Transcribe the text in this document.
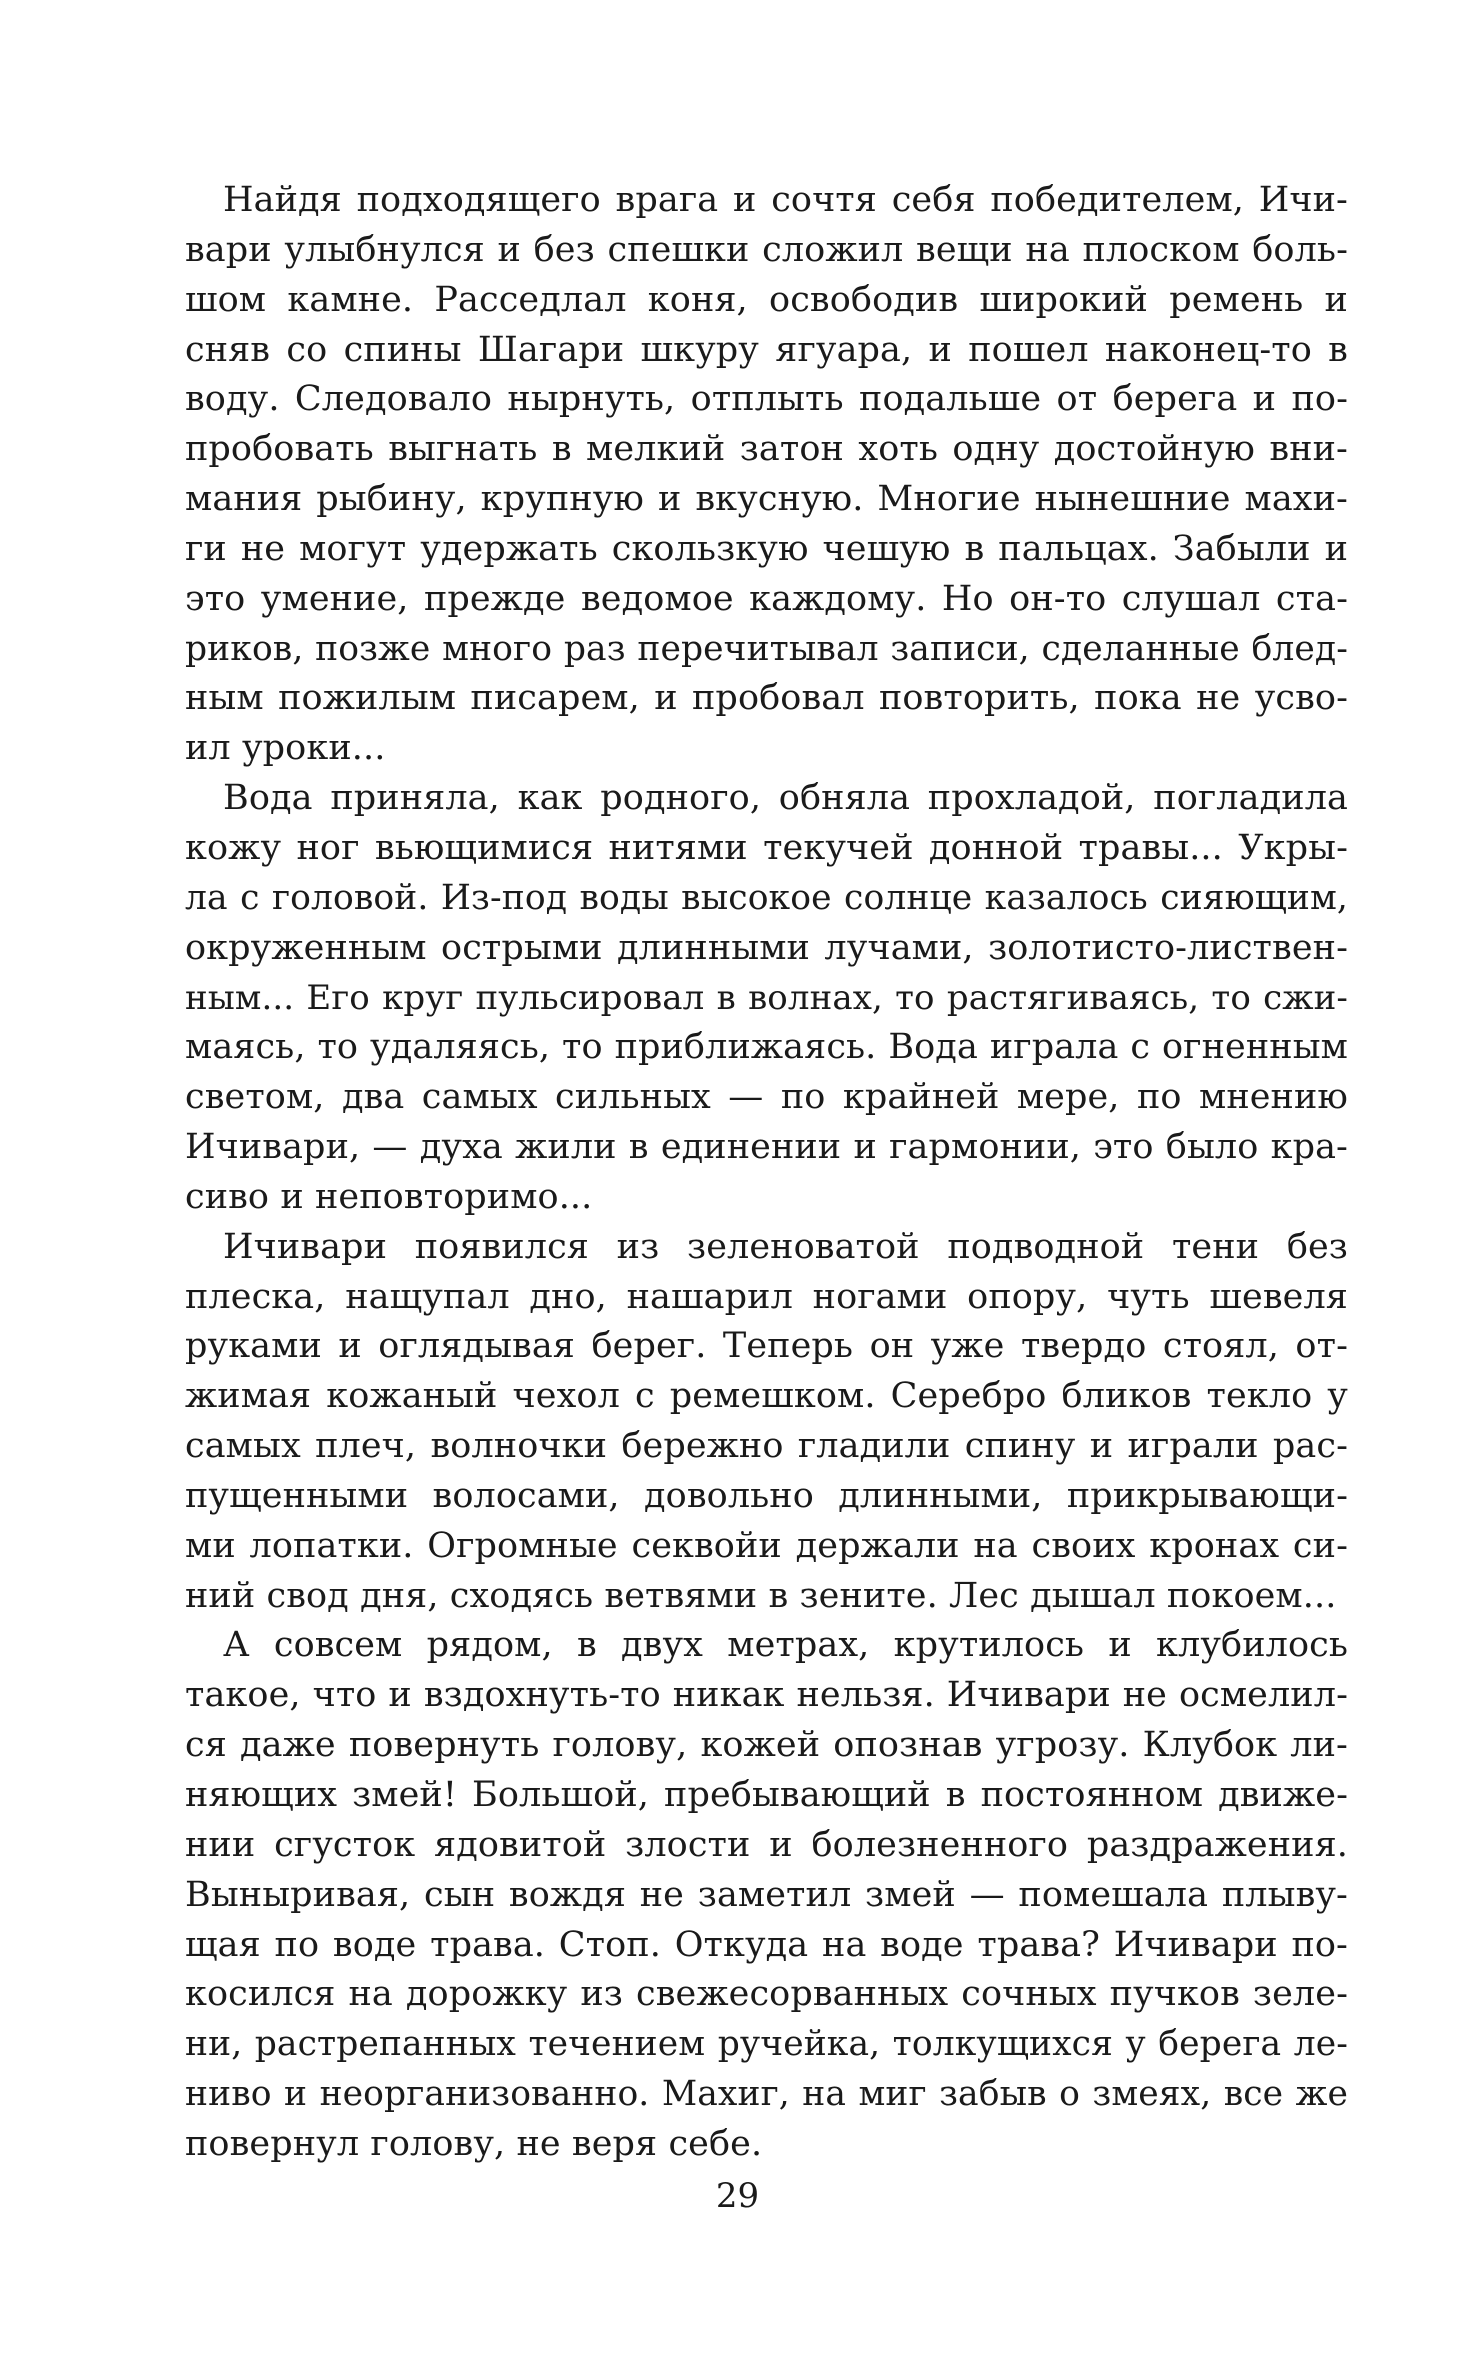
Найдя подходящего врага и сочтя себя победителем, Ичи-
вари улыбнулся и без спешки сложил вещи на плоском боль-
шом камне. Расседлал коня, освободив широкий ремень и
сняв со спины Шагари шкуру ягуара, и пошел наконец-то в
воду. Следовало нырнуть, отплыть подальше от берега и по-
пробовать выгнать в мелкий затон хоть одну достойную вни-
мания рыбину, крупную и вкусную. Многие нынешние махи-
ги не могут удержать скользкую чешую в пальцах. Забыли и
это умение, прежде ведомое каждому. Но он-то слушал ста-
риков, позже много раз перечитывал записи, сделанные блед-
ным пожилым писарем, и пробовал повторить, пока не усво-
ил уроки...
Вода приняла, как родного, обняла прохладой, погладила
кожу ног вьющимися нитями текучей донной травы... Укры-
ла с головой. Из-под воды высокое солнце казалось сияющим,
окруженным острыми длинными лучами, золотисто-листвен-
ным... Его круг пульсировал в волнах, то растягиваясь, то сжи-
маясь, то удаляясь, то приближаясь. Вода играла с огненным
светом, два самых сильных — по крайней мере, по мнению
Ичивари, — духа жили в единении и гармонии, это было кра-
сиво и неповторимо...
Ичивари появился из зеленоватой подводной тени без
плеска, нащупал дно, нашарил ногами опору, чуть шевеля
руками и оглядывая берег. Теперь он уже твердо стоял, от-
жимая кожаный чехол с ремешком. Серебро бликов текло у
самых плеч, волночки бережно гладили спину и играли рас-
пущенными волосами, довольно длинными, прикрывающи-
ми лопатки. Огромные секвойи держали на своих кронах си-
ний свод дня, сходясь ветвями в зените. Лес дышал покоем...
А совсем рядом, в двух метрах, крутилось и клубилось
такое, что и вздохнуть-то никак нельзя. Ичивари не осмелил-
ся даже повернуть голову, кожей опознав угрозу. Клубок ли-
няющих змей! Большой, пребывающий в постоянном движе-
нии сгусток ядовитой злости и болезненного раздражения.
Выныривая, сын вождя не заметил змей — помешала плыву-
щая по воде трава. Стоп. Откуда на воде трава? Ичивари по-
косился на дорожку из свежесорванных сочных пучков зеле-
ни, растрепанных течением ручейка, толкущихся у берега ле-
ниво и неорганизованно. Махиг, на миг забыв о змеях, все же
повернул голову, не веря себе.
29
